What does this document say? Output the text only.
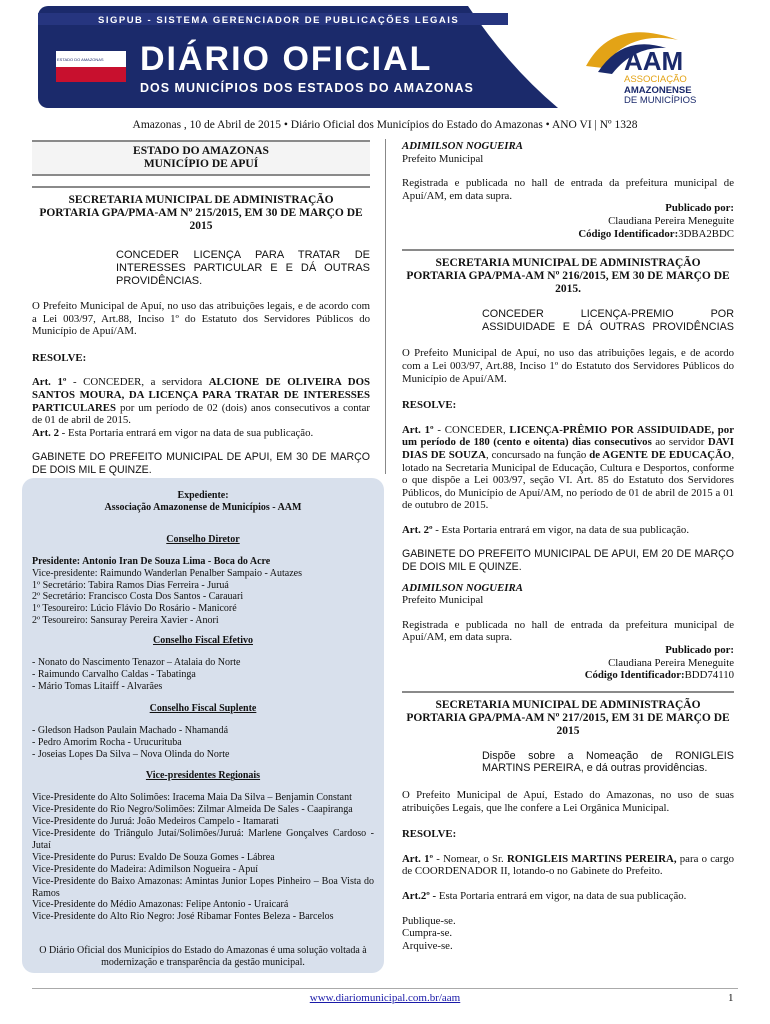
SIGPUB - SISTEMA GERENCIADOR DE PUBLICAÇÕES LEGAIS
ESTADO DO AMAZONAS DIÁRIO OFICIAL
DOS MUNICÍPIOS DOS ESTADOS DO AMAZONAS
AAM
ASSOCIAÇÃO
AMAZONENSE
DE MUNICÍPIOS
Amazonas , 10 de Abril de 2015 • Diário Oficial dos Municípios do Estado do Amazonas • ANO VI | Nº 1328
ESTADO DO AMAZONAS
MUNICÍPIO DE APUÍ
SECRETARIA MUNICIPAL DE ADMINISTRAÇÃO
PORTARIA GPA/PMA-AM Nº 215/2015, EM 30 DE MARÇO DE 2015

CONCEDER LICENÇA PARA TRATAR DE INTERESSES PARTICULAR E E DÁ OUTRAS PROVIDÊNCIAS.

O Prefeito Municipal de Apuí, no uso das atribuições legais, e de acordo com a Lei 003/97, Art.88, Inciso 1º do Estatuto dos Servidores Públicos do Município de Apuí/AM.

RESOLVE:

Art. 1º - CONCEDER, a servidora ALCIONE DE OLIVEIRA DOS SANTOS MOURA, DA LICENÇA PARA TRATAR DE INTERESSES PARTICULARES por um período de 02 (dois) anos consecutivos a contar de 01 de abril de 2015.

Art. 2 - Esta Portaria entrará em vigor na data de sua publicação.

GABINETE DO PREFEITO MUNICIPAL DE APUI, EM 30 DE MARÇO DE DOIS MIL E QUINZE.

Expediente:
Associação Amazonense de Municípios - AAM
Conselho Diretor
Presidente: Antonio Iran De Souza Lima - Boca do Acre
Vice-presidente: Raimundo Wanderlan Penalber Sampaio - Autazes
1º Secretário: Tabira Ramos Dias Ferreira - Juruá
2º Secretário: Francisco Costa Dos Santos - Carauari
1º Tesoureiro: Lúcio Flávio Do Rosário - Manicoré
2º Tesoureiro: Sansuray Pereira Xavier - Anori
Conselho Fiscal Efetivo
- Nonato do Nascimento Tenazor – Atalaia do Norte
- Raimundo Carvalho Caldas - Tabatinga
- Mário Tomas Litaiff - Alvarães
Conselho Fiscal Suplente
- Gledson Hadson Paulain Machado - Nhamandá
- Pedro Amorim Rocha - Urucurituba
- Joseias Lopes Da Silva – Nova Olinda do Norte
Vice-presidentes Regionais
Vice-Presidente do Alto Solimões: Iracema Maia Da Silva – Benjamin Constant
Vice-Presidente do Rio Negro/Solimões: Zilmar Almeida De Sales - Caapiranga
Vice-Presidente do Juruá: João Medeiros Campelo - Itamarati
Vice-Presidente do Triângulo Jutaí/Solimões/Juruá: Marlene Gonçalves Cardoso - Jutaí
Vice-Presidente do Purus: Evaldo De Souza Gomes - Lábrea
Vice-Presidente do Madeira: Adimilson Nogueira - Apuí
Vice-Presidente do Baixo Amazonas: Amintas Junior Lopes Pinheiro – Boa Vista do Ramos
Vice-Presidente do Médio Amazonas: Felipe Antonio - Uraicará
Vice-Presidente do Alto Rio Negro: José Ribamar Fontes Beleza - Barcelos
O Diário Oficial dos Municípios do Estado do Amazonas é uma solução voltada à modernização e transparência da gestão municipal.
ADIMILSON NOGUEIRA
Prefeito Municipal

Registrada e publicada no hall de entrada da prefeitura municipal de Apuí/AM, em data supra.

Publicado por:
Claudiana Pereira Meneguite
Código Identificador:3DBA2BDC
SECRETARIA MUNICIPAL DE ADMINISTRAÇÃO
PORTARIA GPA/PMA-AM Nº 216/2015, EM 30 DE MARÇO DE 2015.

CONCEDER LICENÇA-PREMIO POR ASSIDUIDADE E DÁ OUTRAS PROVIDÊNCIAS

O Prefeito Municipal de Apuí, no uso das atribuições legais, e de acordo com a Lei 003/97, Art.88, Inciso 1º do Estatuto dos Servidores Públicos do Município de Apuí/AM.

RESOLVE:

Art. 1º - CONCEDER, LICENÇA-PRÊMIO POR ASSIDUIDADE, por um período de 180 (cento e oitenta) dias consecutivos ao servidor DAVI DIAS DE SOUZA, concursado na função de AGENTE DE EDUCAÇÃO, lotado na Secretaria Municipal de Educação, Cultura e Desportos, conforme o que dispõe a Lei 003/97, seção VI. Art. 85 do Estatuto dos Servidores Públicos, do Município de Apuí/AM, no período de 01 de abril de 2015 a 01 de outubro de 2015.

Art. 2º - Esta Portaria entrará em vigor, na data de sua publicação.

GABINETE DO PREFEITO MUNICIPAL DE APUI, EM 20 DE MARÇO DE DOIS MIL E QUINZE.

ADIMILSON NOGUEIRA
Prefeito Municipal

Registrada e publicada no hall de entrada da prefeitura municipal de Apuí/AM, em data supra.

Publicado por:
Claudiana Pereira Meneguite
Código Identificador:BDD74110
SECRETARIA MUNICIPAL DE ADMINISTRAÇÃO
PORTARIA GPA/PMA-AM Nº 217/2015, EM 31 DE MARÇO DE 2015

Dispõe sobre a Nomeação de RONIGLEIS MARTINS PEREIRA, e dá outras providências.

O Prefeito Municipal de Apuí, Estado do Amazonas, no uso de suas atribuições Legais, que lhe confere a Lei Orgânica Municipal.

RESOLVE:

Art. 1º - Nomear, o Sr. RONIGLEIS MARTINS PEREIRA, para o cargo de COORDENADOR II, lotando-o no Gabinete do Prefeito.

Art.2º - Esta Portaria entrará em vigor, na data de sua publicação.

Publique-se.
Cumpra-se.
Arquive-se.
www.diariomunicipal.com.br/aam	1
